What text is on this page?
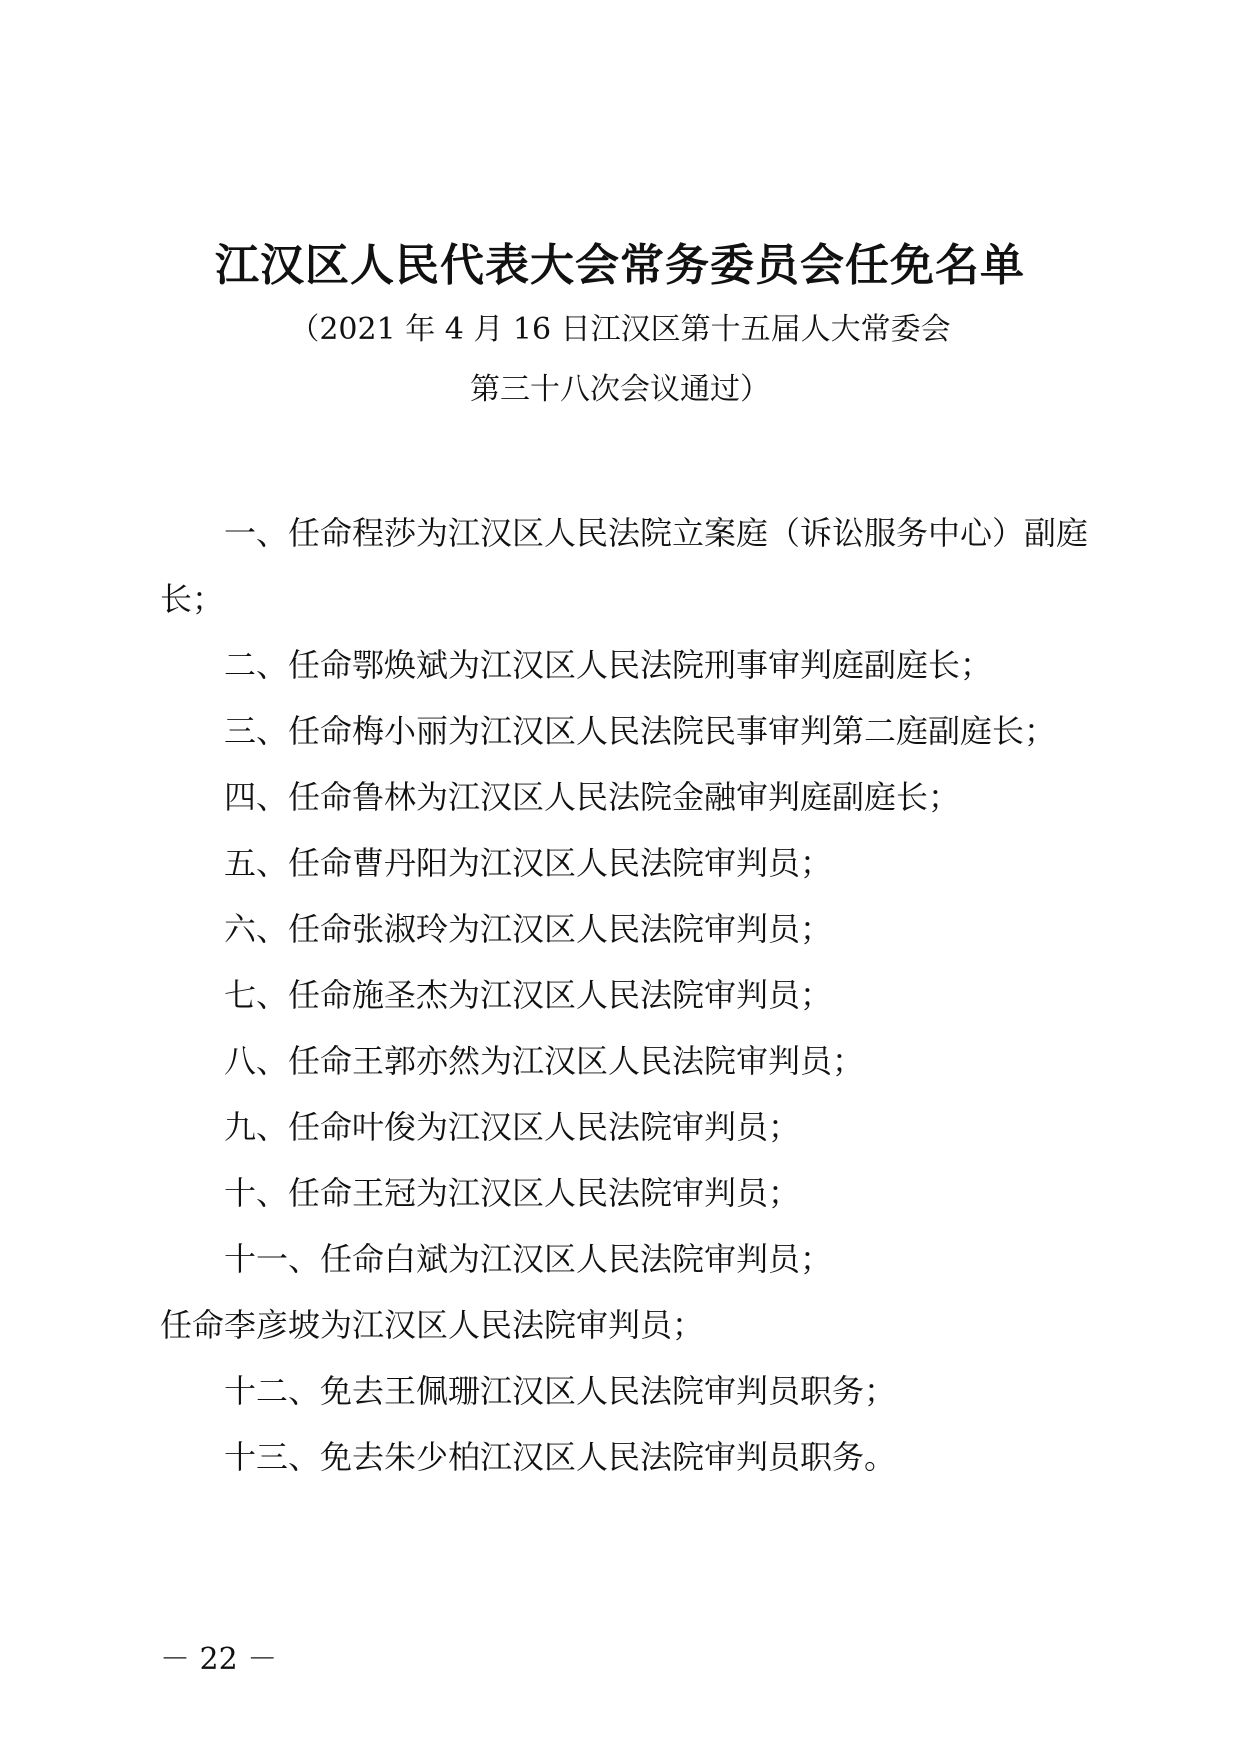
江汉区人民代表大会常务委员会任免名单

（2021 年 4 月 16 日江汉区第十五届人大常委会

第三十八次会议通过）

一、任命程莎为江汉区人民法院立案庭（诉讼服务中心）副庭长；

二、任命鄂焕斌为江汉区人民法院刑事审判庭副庭长；

三、任命梅小丽为江汉区人民法院民事审判第二庭副庭长；

四、任命鲁林为江汉区人民法院金融审判庭副庭长；

五、任命曹丹阳为江汉区人民法院审判员；

六、任命张淑玲为江汉区人民法院审判员；

七、任命施圣杰为江汉区人民法院审判员；

八、任命王郭亦然为江汉区人民法院审判员；

九、任命叶俊为江汉区人民法院审判员；

十、任命王冠为江汉区人民法院审判员；

十一、任命白斌为江汉区人民法院审判员；

任命李彦坡为江汉区人民法院审判员；

十二、免去王佩珊江汉区人民法院审判员职务；

十三、免去朱少柏江汉区人民法院审判员职务。

－ 22 －
